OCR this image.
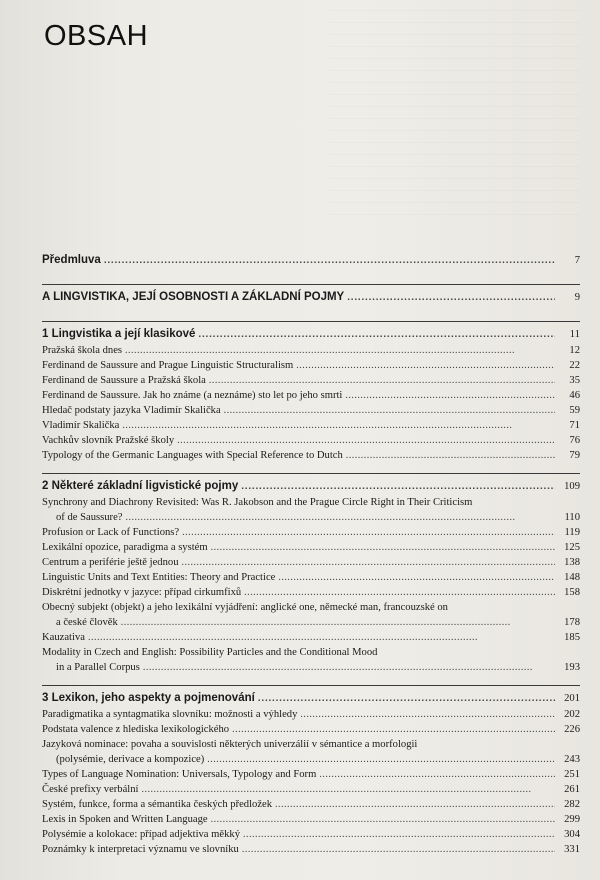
OBSAH
Předmluva . . .	7
A LINGVISTIKA, JEJÍ OSOBNOSTI A ZÁKLADNÍ POJMY . . .	9
1 Lingvistika a její klasikové . . .	11
Pražská škola dnes . . .	12
Ferdinand de Saussure and Prague Linguistic Structuralism . . .	22
Ferdinand de Saussure a Pražská škola . . .	35
Ferdinand de Saussure. Jak ho známe (a neznáme) sto let po jeho smrti . . .	46
Hledač podstaty jazyka Vladimír Skalička . . .	59
Vladimír Skalička . . .	71
Vachkův slovník Pražské školy . . .	76
Typology of the Germanic Languages with Special Reference to Dutch . . .	79
2 Některé základní ligvistické pojmy . . .	109
Synchrony and Diachrony Revisited: Was R. Jakobson and the Prague Circle Right in Their Criticism
of de Saussure? . . .	110
Profusion or Lack of Functions? . . .	119
Lexikální opozice, paradigma a systém . . .	125
Centrum a periférie ještě jednou . . .	138
Linguistic Units and Text Entities: Theory and Practice . . .	148
Diskrétní jednotky v jazyce: případ cirkumfixů . . .	158
Obecný subjekt (objekt) a jeho lexikální vyjádření: anglické one, německé man, francouzské on
a české člověk . . .	178
Kauzativa . . .	185
Modality in Czech and English: Possibility Particles and the Conditional Mood
in a Parallel Corpus . . .	193
3 Lexikon, jeho aspekty a pojmenování . . .	201
Paradigmatika a syntagmatika slovníku: možnosti a výhledy . . .	202
Podstata valence z hlediska lexikologického . . .	226
Jazyková nominace: povaha a souvislosti některých univerzálií v sémantice a morfologii
(polysémie, derivace a kompozice) . . .	243
Types of Language Nomination: Universals, Typology and Form . . .	251
České prefixy verbální . . .	261
Systém, funkce, forma a sémantika českých předložek . . .	282
Lexis in Spoken and Written Language . . .	299
Polysémie a kolokace: případ adjektiva měkký . . .	304
Poznámky k interpretaci významu ve slovníku . . .	331
